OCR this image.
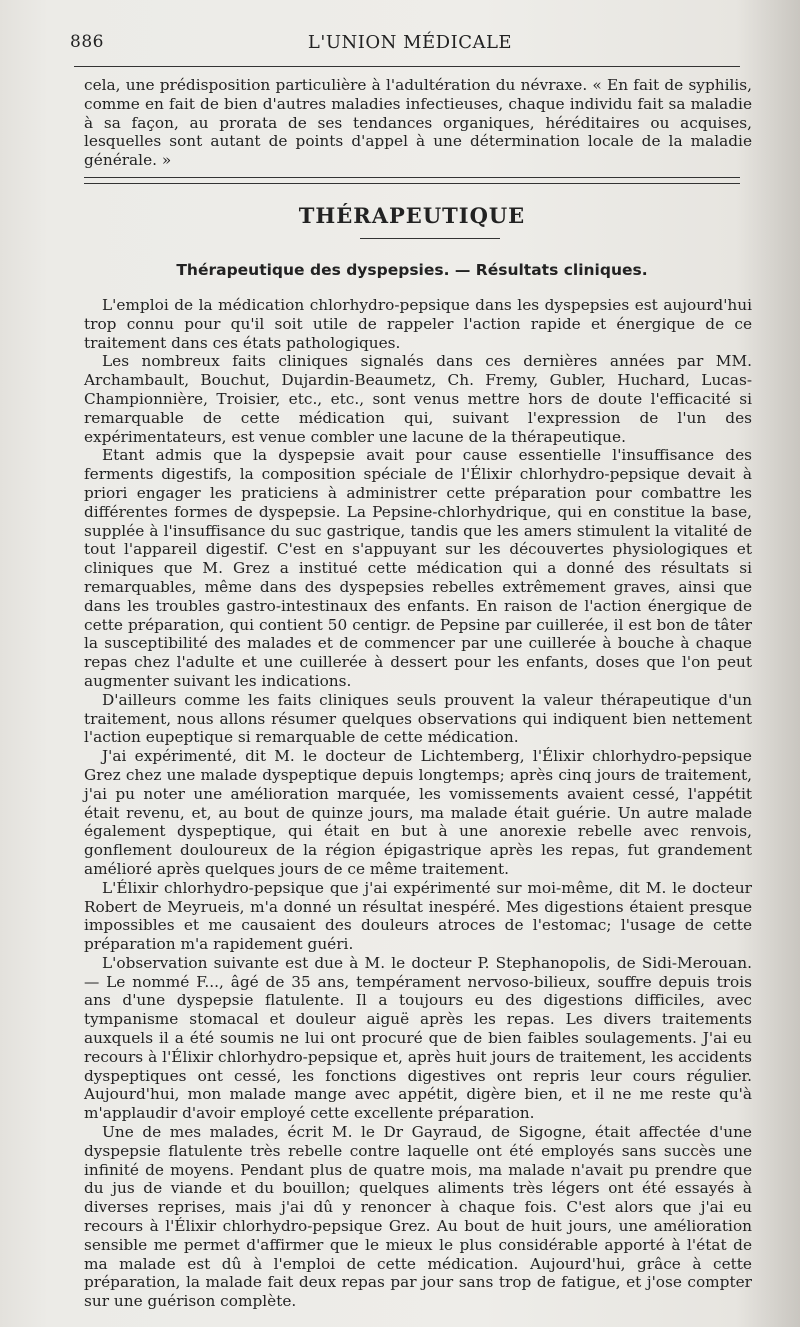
886	L'UNION MÉDICALE

cela, une prédisposition particulière à l'adultération du névraxe. « En fait de syphilis, comme en fait de bien d'autres maladies infectieuses, chaque individu fait sa maladie à sa façon, au prorata de ses tendances organiques, héréditaires ou acquises, lesquelles sont autant de points d'appel à une détermination locale de la maladie générale. »

THÉRAPEUTIQUE
Thérapeutique des dyspepsies. — Résultats cliniques.

L'emploi de la médication chlorhydro-pepsique dans les dyspepsies est aujourd'hui trop connu pour qu'il soit utile de rappeler l'action rapide et énergique de ce traitement dans ces états pathologiques.

Les nombreux faits cliniques signalés dans ces dernières années par MM. Archambault, Bouchut, Dujardin-Beaumetz, Ch. Fremy, Gubler, Huchard, Lucas-Championnière, Troisier, etc., etc., sont venus mettre hors de doute l'efficacité si remarquable de cette médication qui, suivant l'expression de l'un des expérimentateurs, est venue combler une lacune de la thérapeutique.

Etant admis que la dyspepsie avait pour cause essentielle l'insuffisance des ferments digestifs, la composition spéciale de l'Élixir chlorhydro-pepsique devait à priori engager les praticiens à administrer cette préparation pour combattre les différentes formes de dyspepsie. La Pepsine-chlorhydrique, qui en constitue la base, supplée à l'insuffisance du suc gastrique, tandis que les amers stimulent la vitalité de tout l'appareil digestif. C'est en s'appuyant sur les découvertes physiologiques et cliniques que M. Grez a institué cette médication qui a donné des résultats si remarquables, même dans des dyspepsies rebelles extrêmement graves, ainsi que dans les troubles gastro-intestinaux des enfants. En raison de l'action énergique de cette préparation, qui contient 50 centigr. de Pepsine par cuillerée, il est bon de tâter la susceptibilité des malades et de commencer par une cuillerée à bouche à chaque repas chez l'adulte et une cuillerée à dessert pour les enfants, doses que l'on peut augmenter suivant les indications.

D'ailleurs comme les faits cliniques seuls prouvent la valeur thérapeutique d'un traitement, nous allons résumer quelques observations qui indiquent bien nettement l'action eupeptique si remarquable de cette médication.

J'ai expérimenté, dit M. le docteur de Lichtemberg, l'Élixir chlorhydro-pepsique Grez chez une malade dyspeptique depuis longtemps; après cinq jours de traitement, j'ai pu noter une amélioration marquée, les vomissements avaient cessé, l'appétit était revenu, et, au bout de quinze jours, ma malade était guérie. Un autre malade également dyspeptique, qui était en but à une anorexie rebelle avec renvois, gonflement douloureux de la région épigastrique après les repas, fut grandement amélioré après quelques jours de ce même traitement.

L'Élixir chlorhydro-pepsique que j'ai expérimenté sur moi-même, dit M. le docteur Robert de Meyrueis, m'a donné un résultat inespéré. Mes digestions étaient presque impossibles et me causaient des douleurs atroces de l'estomac; l'usage de cette préparation m'a rapidement guéri.

L'observation suivante est due à M. le docteur P. Stephanopolis, de Sidi-Merouan. — Le nommé F..., âgé de 35 ans, tempérament nervoso-bilieux, souffre depuis trois ans d'une dyspepsie flatulente. Il a toujours eu des digestions difficiles, avec tympanisme stomacal et douleur aiguë après les repas. Les divers traitements auxquels il a été soumis ne lui ont procuré que de bien faibles soulagements. J'ai eu recours à l'Élixir chlorhydro-pepsique et, après huit jours de traitement, les accidents dyspeptiques ont cessé, les fonctions digestives ont repris leur cours régulier. Aujourd'hui, mon malade mange avec appétit, digère bien, et il ne me reste qu'à m'applaudir d'avoir employé cette excellente préparation.

Une de mes malades, écrit M. le Dr Gayraud, de Sigogne, était affectée d'une dyspepsie flatulente très rebelle contre laquelle ont été employés sans succès une infinité de moyens. Pendant plus de quatre mois, ma malade n'avait pu prendre que du jus de viande et du bouillon; quelques aliments très légers ont été essayés à diverses reprises, mais j'ai dû y renoncer à chaque fois. C'est alors que j'ai eu recours à l'Élixir chlorhydro-pepsique Grez. Au bout de huit jours, une amélioration sensible me permet d'affirmer que le mieux le plus considérable apporté à l'état de ma malade est dû à l'emploi de cette médication. Aujourd'hui, grâce à cette préparation, la malade fait deux repas par jour sans trop de fatigue, et j'ose compter sur une guérison complète.
